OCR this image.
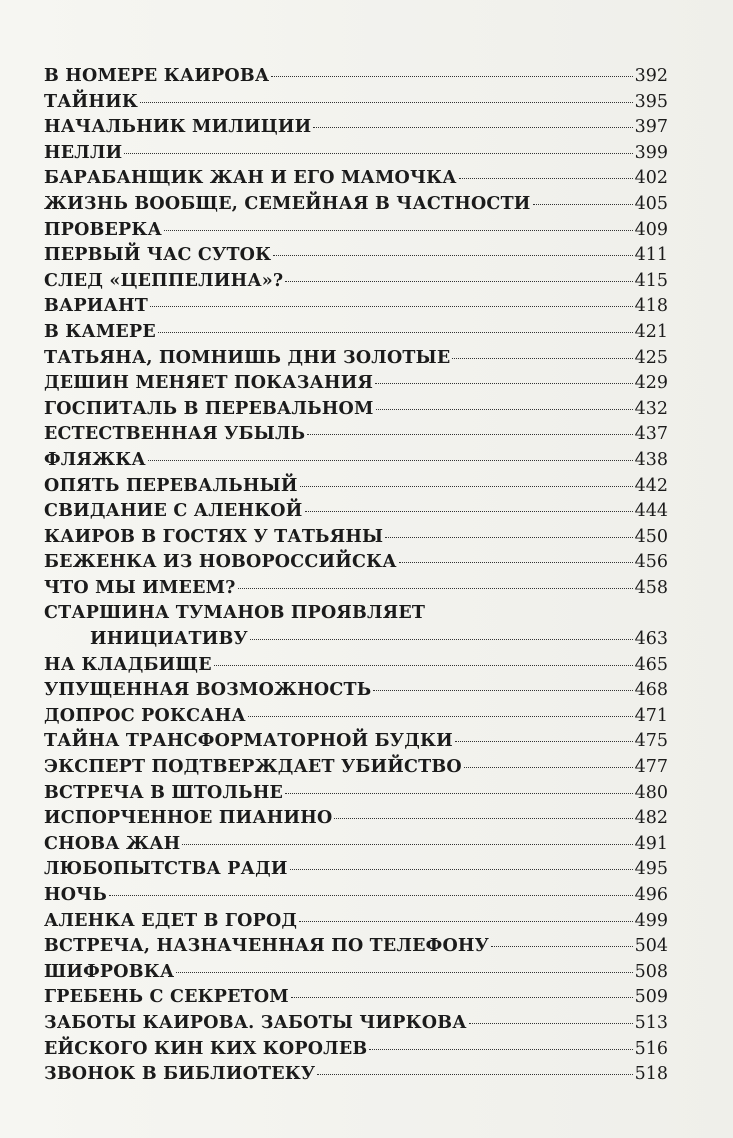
В НОМЕРЕ КАИРОВА	392
ТАЙНИК	395
НАЧАЛЬНИК МИЛИЦИИ	397
НЕЛЛИ	399
БАРАБАНЩИК ЖАН И ЕГО МАМОЧКА	402
ЖИЗНЬ ВООБЩЕ, СЕМЕЙНАЯ В ЧАСТНОСТИ	405
ПРОВЕРКА	409
ПЕРВЫЙ ЧАС СУТОК	411
СЛЕД «ЦЕППЕЛИНА»?	415
ВАРИАНТ	418
В КАМЕРЕ	421
ТАТЬЯНА, ПОМНИШЬ ДНИ ЗОЛОТЫЕ	425
ДЕШИН МЕНЯЕТ ПОКАЗАНИЯ	429
ГОСПИТАЛЬ В ПЕРЕВАЛЬНОМ	432
ЕСТЕСТВЕННАЯ УБЫЛЬ	437
ФЛЯЖКА	438
ОПЯТЬ ПЕРЕВАЛЬНЫЙ	442
СВИДАНИЕ С АЛЕНКОЙ	444
КАИРОВ В ГОСТЯХ У ТАТЬЯНЫ	450
БЕЖЕНКА ИЗ НОВОРОССИЙСКА	456
ЧТО МЫ ИМЕЕМ?	458
СТАРШИНА ТУМАНОВ ПРОЯВЛЯЕТ
ИНИЦИАТИВУ	463
НА КЛАДБИЩЕ	465
УПУЩЕННАЯ ВОЗМОЖНОСТЬ	468
ДОПРОС РОКСАНА	471
ТАЙНА ТРАНСФОРМАТОРНОЙ БУДКИ	475
ЭКСПЕРТ ПОДТВЕРЖДАЕТ УБИЙСТВО	477
ВСТРЕЧА В ШТОЛЬНЕ	480
ИСПОРЧЕННОЕ ПИАНИНО	482
СНОВА ЖАН	491
ЛЮБОПЫТСТВА РАДИ	495
НОЧЬ	496
АЛЕНКА ЕДЕТ В ГОРОД	499
ВСТРЕЧА, НАЗНАЧЕННАЯ ПО ТЕЛЕФОНУ	504
ШИФРОВКА	508
ГРЕБЕНЬ С СЕКРЕТОМ	509
ЗАБОТЫ КАИРОВА. ЗАБОТЫ ЧИРКОВА	513
ЕЙСКОГО КИН КИХ КОРОЛЕВ	516
ЗВОНОК В БИБЛИОТЕКУ	518
